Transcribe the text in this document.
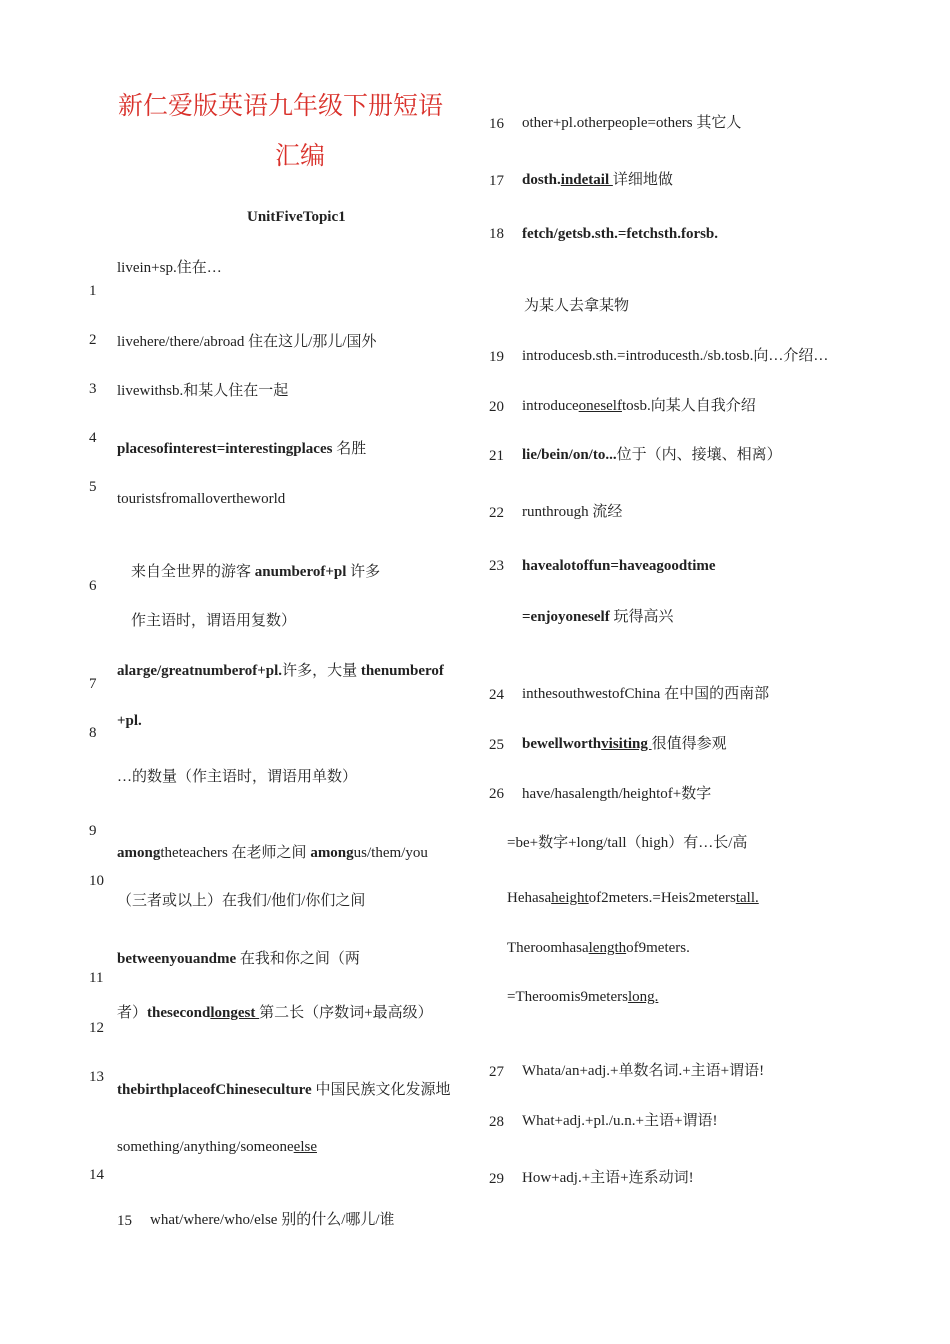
新仁爱版英语九年级下册短语
汇编
UnitFiveTopic1
1
2
3
4
5
6
7
8
9
10
11
12
13
14
livein+sp.住在…
livehere/there/abroad 住在这儿/那儿/国外
livewithsb.和某人住在一起
placesofinterest=interestingplaces 名胜
touristsfromallovertheworld
来自全世界的游客 anumberof+pl 许多
作主语时，谓语用复数）
alarge/greatnumberof+pl.许多，大量 thenumberof
+pl.
…的数量（作主语时，谓语用单数）
amongtheteachers 在老师之间 amongus/them/you
（三者或以上）在我们/他们/你们之间
betweenyouandme 在我和你之间（两
者）thesecondlongest 第二长（序数词+最高级）
thebirthplaceofChineseculture 中国民族文化发源地
something/anything/someoneelse
15 what/where/who/else 别的什么/哪儿/谁
16 other+pl.otherpeople=others 其它人
17 dosth.indetail 详细地做
18 fetch/getsb.sth.=fetchsth.forsb.
为某人去拿某物
19 introducesb.sth.=introducesth./sb.tosb.向…介绍…
20 introduceoneselftosb.向某人自我介绍
21 lie/bein/on/to...位于（内、接壤、相离）
22 runthrough 流经
23 havealotoffun=haveagoodtime
=enjoyoneself 玩得高兴
24 inthesouthwestofChina 在中国的西南部
25 bewellworthvisiting 很值得参观
26 have/hasalength/heightof+数字
=be+数字+long/tall（high）有…长/高
Hehasaheightof2meters.=Heis2meterstall.
Theroomhasalengthof9meters.
=Theroomis9meterslong.
27 Whata/an+adj.+单数名词.+主语+谓语!
28 What+adj.+pl./u.n.+主语+谓语!
29 How+adj.+主语+连系动词!
